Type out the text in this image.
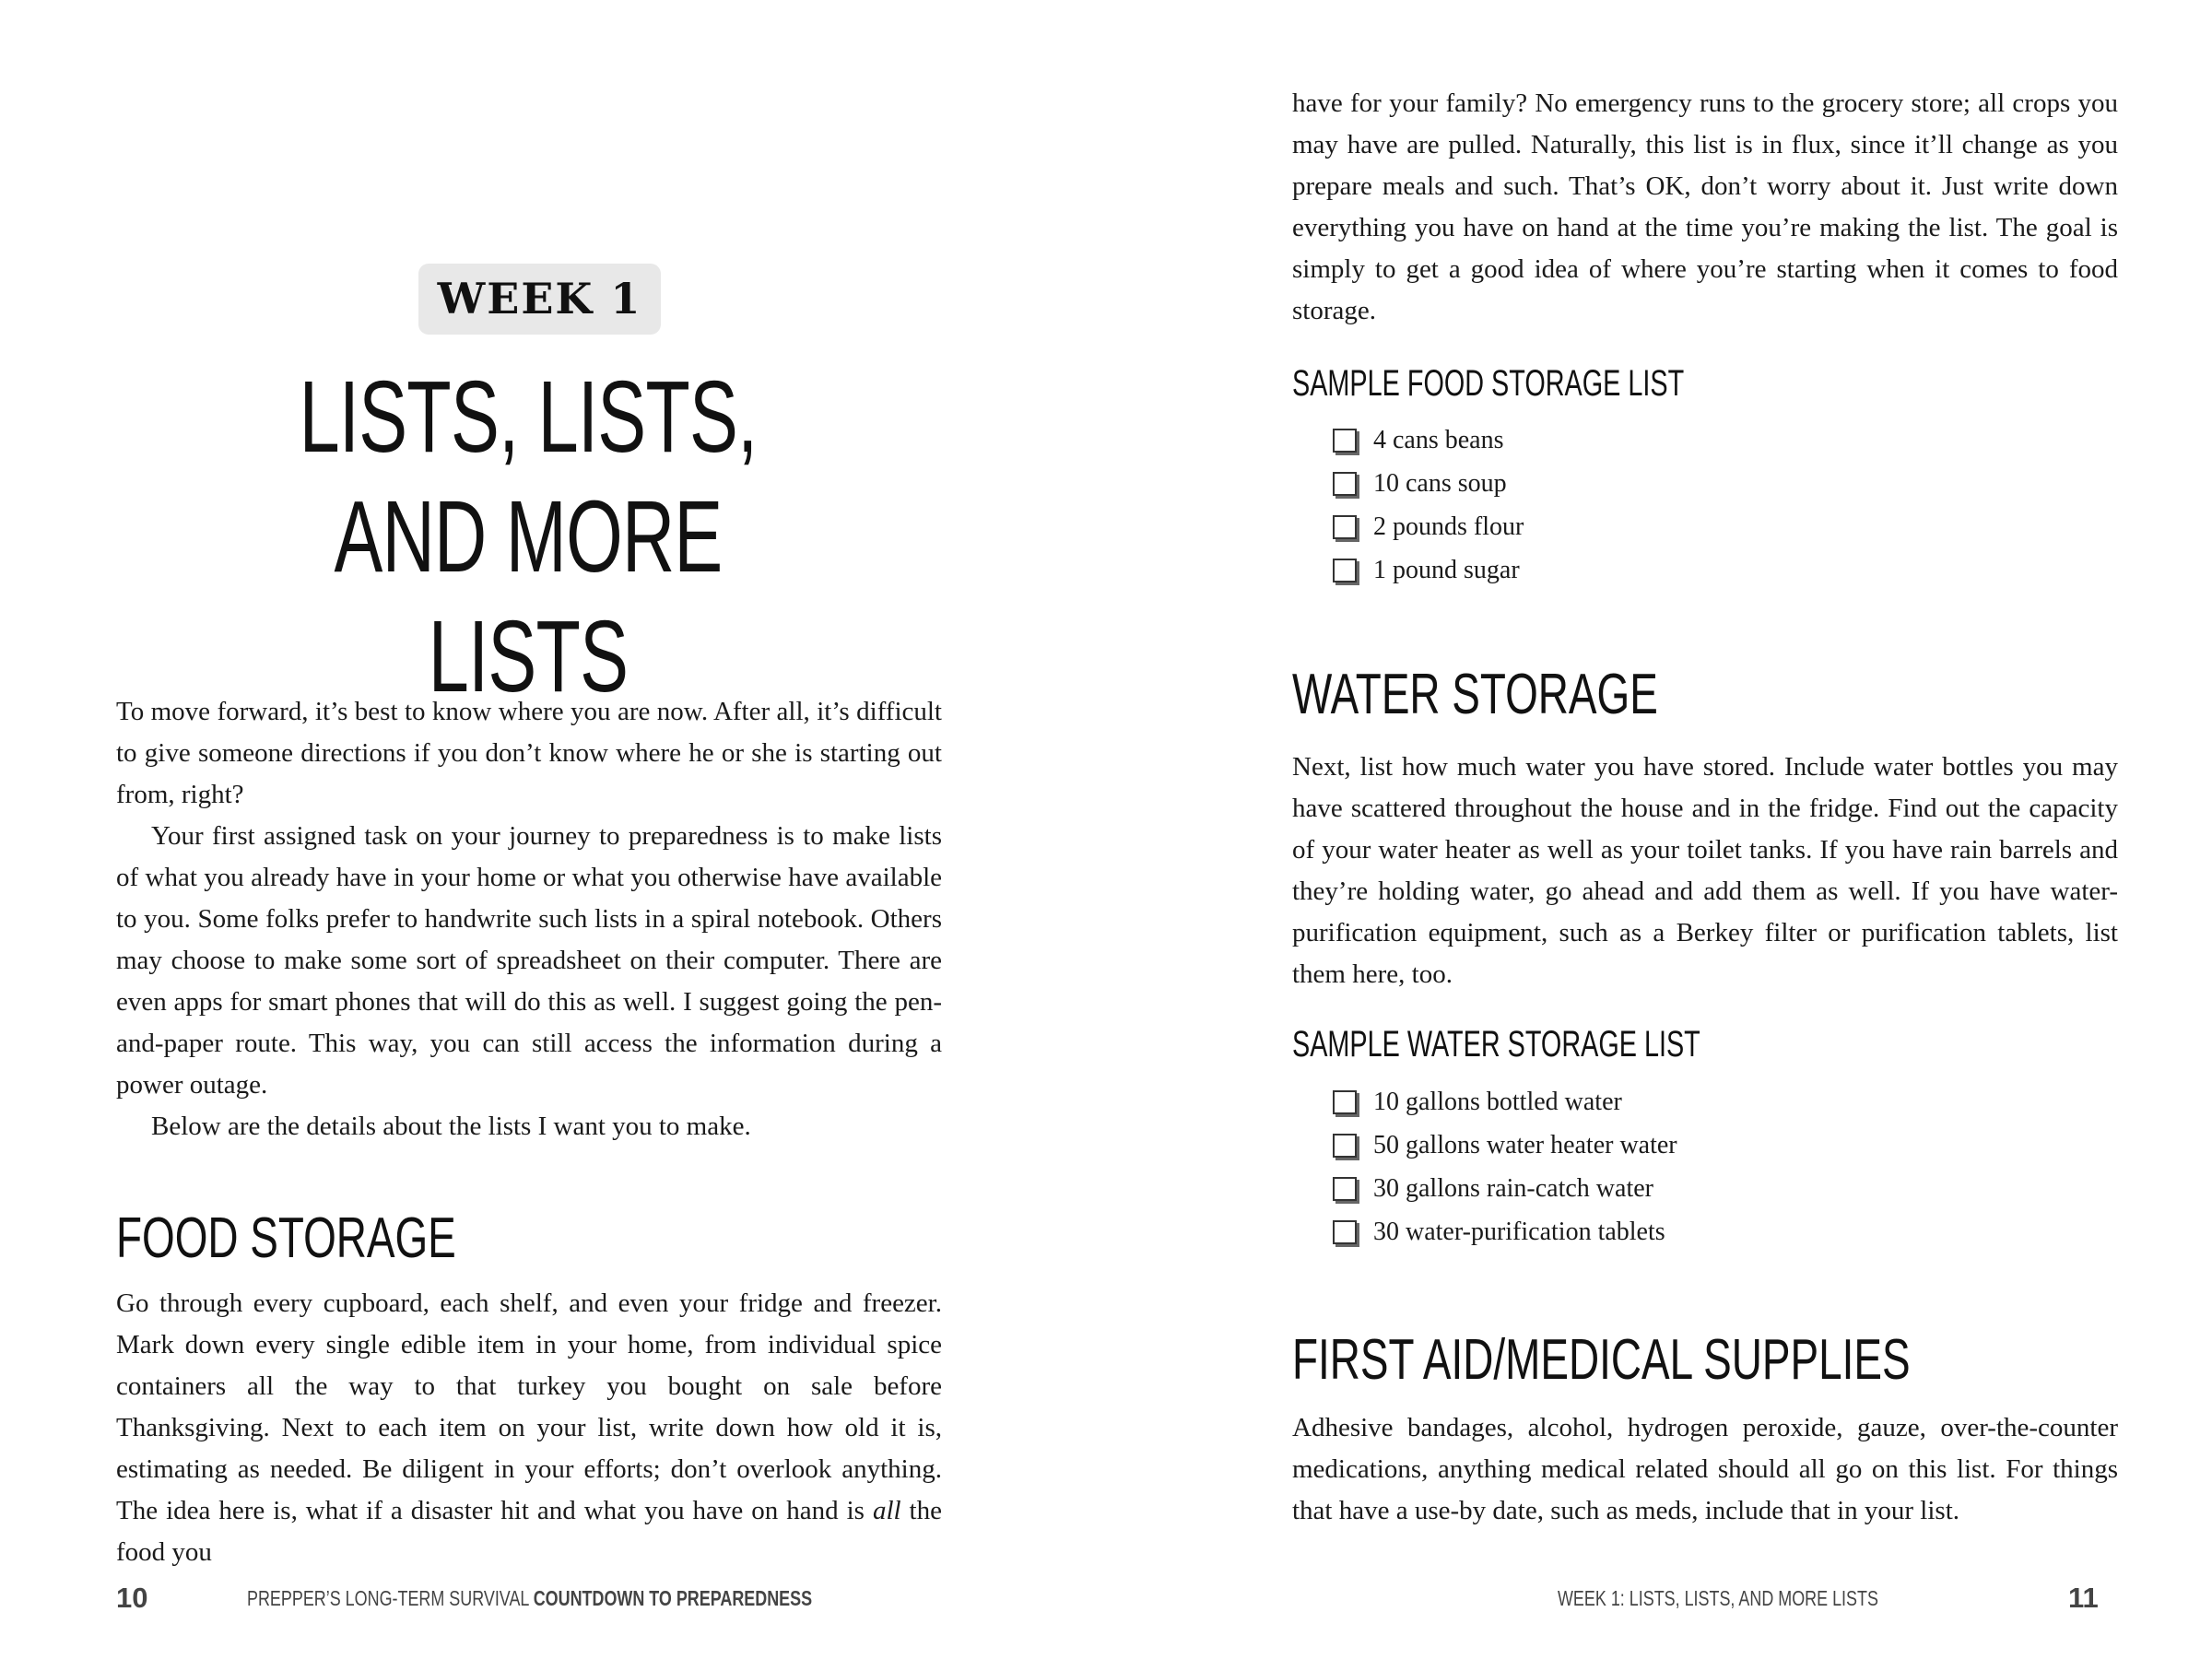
WEEK 1
LISTS, LISTS,
AND MORE LISTS

To move forward, it’s best to know where you are now. After all, it’s difficult to give someone directions if you don’t know where he or she is starting out from, right?

Your first assigned task on your journey to preparedness is to make lists of what you already have in your home or what you otherwise have available to you. Some folks prefer to handwrite such lists in a spiral notebook. Others may choose to make some sort of spreadsheet on their computer. There are even apps for smart phones that will do this as well. I suggest going the pen-and-paper route. This way, you can still access the information during a power outage.

Below are the details about the lists I want you to make.

FOOD STORAGE

Go through every cupboard, each shelf, and even your fridge and freezer. Mark down every single edible item in your home, from individual spice containers all the way to that turkey you bought on sale before Thanksgiving. Next to each item on your list, write down how old it is, estimating as needed. Be diligent in your efforts; don’t overlook anything. The idea here is, what if a disaster hit and what you have on hand is all the food you

10	PREPPER’S LONG-TERM SURVIVAL COUNTDOWN TO PREPAREDNESS

have for your family? No emergency runs to the grocery store; all crops you may have are pulled. Naturally, this list is in flux, since it’ll change as you prepare meals and such. That’s OK, don’t worry about it. Just write down everything you have on hand at the time you’re making the list. The goal is simply to get a good idea of where you’re starting when it comes to food storage.

SAMPLE FOOD STORAGE LIST
4 cans beans
10 cans soup
2 pounds flour
1 pound sugar
WATER STORAGE

Next, list how much water you have stored. Include water bottles you may have scattered throughout the house and in the fridge. Find out the capacity of your water heater as well as your toilet tanks. If you have rain barrels and they’re holding water, go ahead and add them as well. If you have water-purification equipment, such as a Berkey filter or purification tablets, list them here, too.

SAMPLE WATER STORAGE LIST
10 gallons bottled water
50 gallons water heater water
30 gallons rain-catch water
30 water-purification tablets
FIRST AID/MEDICAL SUPPLIES

Adhesive bandages, alcohol, hydrogen peroxide, gauze, over-the-counter medications, anything medical related should all go on this list. For things that have a use-by date, such as meds, include that in your list.

WEEK 1: LISTS, LISTS, AND MORE LISTS	11
